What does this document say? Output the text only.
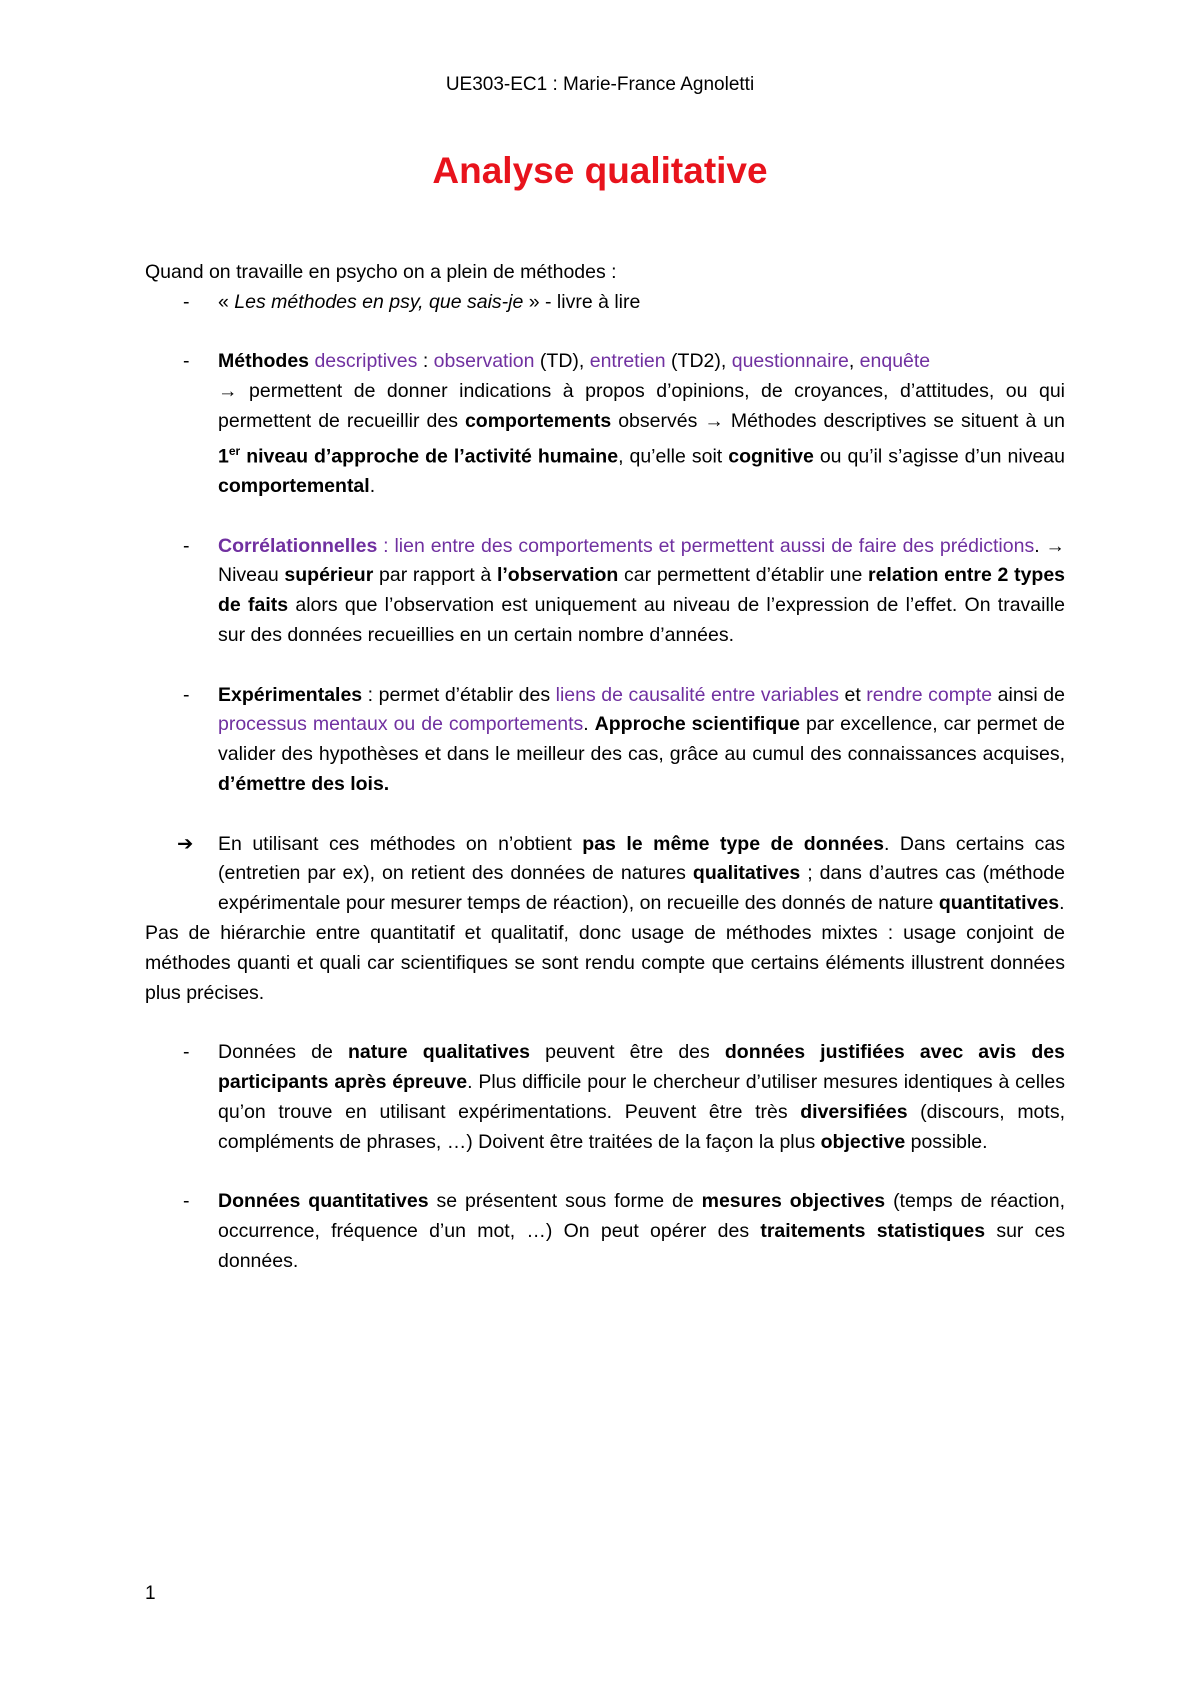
UE303-EC1 : Marie-France Agnoletti
Analyse qualitative

Quand on travaille en psycho on a plein de méthodes :

- « Les méthodes en psy, que sais-je » - livre à lire

- Méthodes descriptives : observation (TD), entretien (TD2), questionnaire, enquête
→ permettent de donner indications à propos d’opinions, de croyances, d’attitudes, ou qui permettent de recueillir des comportements observés → Méthodes descriptives se situent à un 1er niveau d’approche de l’activité humaine, qu’elle soit cognitive ou qu’il s’agisse d’un niveau comportemental.

- Corrélationnelles : lien entre des comportements et permettent aussi de faire des prédictions. → Niveau supérieur par rapport à l’observation car permettent d’établir une relation entre 2 types de faits alors que l’observation est uniquement au niveau de l’expression de l’effet. On travaille sur des données recueillies en un certain nombre d’années.

- Expérimentales : permet d’établir des liens de causalité entre variables et rendre compte ainsi de processus mentaux ou de comportements. Approche scientifique par excellence, car permet de valider des hypothèses et dans le meilleur des cas, grâce au cumul des connaissances acquises, d’émettre des lois.

➔ En utilisant ces méthodes on n’obtient pas le même type de données. Dans certains cas (entretien par ex), on retient des données de natures qualitatives ; dans d’autres cas (méthode expérimentale pour mesurer temps de réaction), on recueille des donnés de nature quantitatives.

Pas de hiérarchie entre quantitatif et qualitatif, donc usage de méthodes mixtes : usage conjoint de méthodes quanti et quali car scientifiques se sont rendu compte que certains éléments illustrent données plus précises.

- Données de nature qualitatives peuvent être des données justifiées avec avis des participants après épreuve. Plus difficile pour le chercheur d’utiliser mesures identiques à celles qu’on trouve en utilisant expérimentations. Peuvent être très diversifiées (discours, mots, compléments de phrases, …) Doivent être traitées de la façon la plus objective possible.

- Données quantitatives se présentent sous forme de mesures objectives (temps de réaction, occurrence, fréquence d’un mot, …) On peut opérer des traitements statistiques sur ces données.

1
